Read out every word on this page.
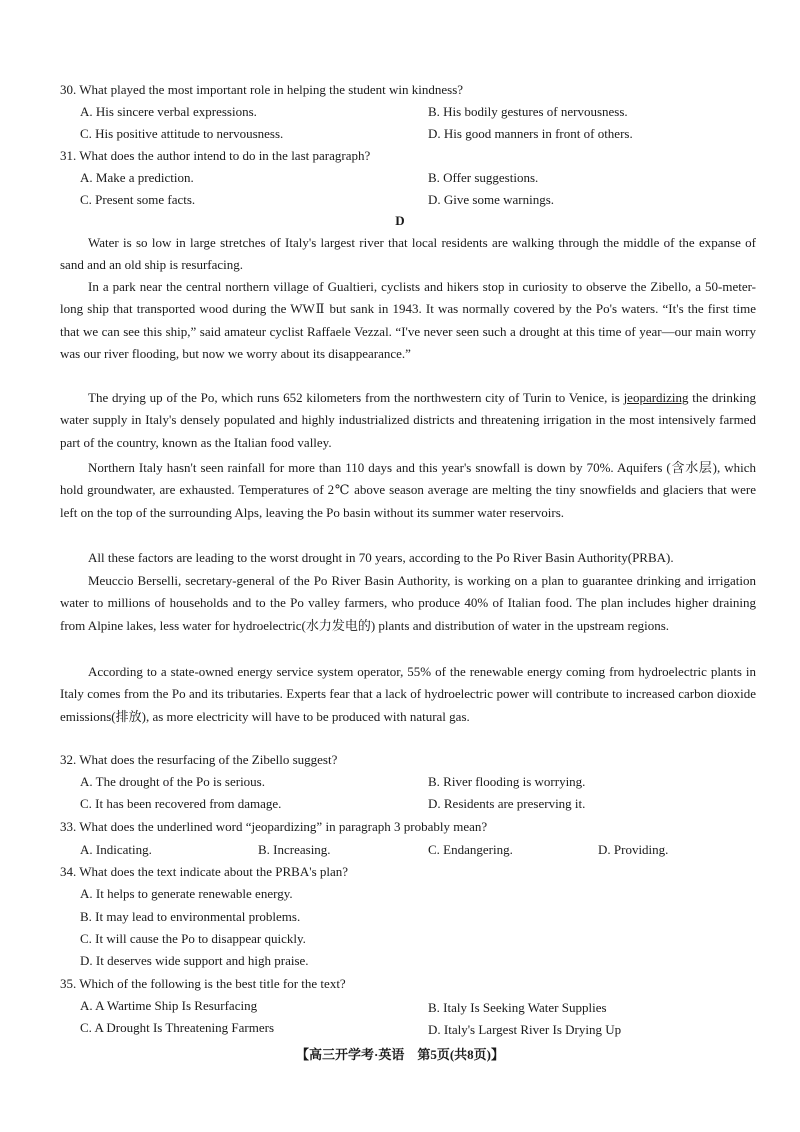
30. What played the most important role in helping the student win kindness?
A. His sincere verbal expressions.	B. His bodily gestures of nervousness.
C. His positive attitude to nervousness.	D. His good manners in front of others.
31. What does the author intend to do in the last paragraph?
A. Make a prediction.	B. Offer suggestions.
C. Present some facts.	D. Give some warnings.
D
Water is so low in large stretches of Italy's largest river that local residents are walking through the middle of the expanse of sand and an old ship is resurfacing.
In a park near the central northern village of Gualtieri, cyclists and hikers stop in curiosity to observe the Zibello, a 50-meter-long ship that transported wood during the WWⅡ but sank in 1943. It was normally covered by the Po's waters. “It's the first time that we can see this ship,” said amateur cyclist Raffaele Vezzal. “I've never seen such a drought at this time of year—our main worry was our river flooding, but now we worry about its disappearance.”
The drying up of the Po, which runs 652 kilometers from the northwestern city of Turin to Venice, is jeopardizing the drinking water supply in Italy's densely populated and highly industrialized districts and threatening irrigation in the most intensively farmed part of the country, known as the Italian food valley.
Northern Italy hasn't seen rainfall for more than 110 days and this year's snowfall is down by 70%. Aquifers (含水层), which hold groundwater, are exhausted. Temperatures of 2℃ above season average are melting the tiny snowfields and glaciers that were left on the top of the surrounding Alps, leaving the Po basin without its summer water reservoirs.
All these factors are leading to the worst drought in 70 years, according to the Po River Basin Authority(PRBA).
Meuccio Berselli, secretary-general of the Po River Basin Authority, is working on a plan to guarantee drinking and irrigation water to millions of households and to the Po valley farmers, who produce 40% of Italian food. The plan includes higher draining from Alpine lakes, less water for hydroelectric(水力发电的) plants and distribution of water in the upstream regions.
According to a state-owned energy service system operator, 55% of the renewable energy coming from hydroelectric plants in Italy comes from the Po and its tributaries. Experts fear that a lack of hydroelectric power will contribute to increased carbon dioxide emissions(排放), as more electricity will have to be produced with natural gas.
32. What does the resurfacing of the Zibello suggest?
A. The drought of the Po is serious.	B. River flooding is worrying.
C. It has been recovered from damage.	D. Residents are preserving it.
33. What does the underlined word “jeopardizing” in paragraph 3 probably mean?
A. Indicating.	B. Increasing.	C. Endangering.	D. Providing.
34. What does the text indicate about the PRBA's plan?
A. It helps to generate renewable energy.
B. It may lead to environmental problems.
C. It will cause the Po to disappear quickly.
D. It deserves wide support and high praise.
35. Which of the following is the best title for the text?
A. A Wartime Ship Is Resurfacing	B. Italy Is Seeking Water Supplies
C. A Drought Is Threatening Farmers	D. Italy's Largest River Is Drying Up
【高三开学考·英语　第5页(共8页)】
